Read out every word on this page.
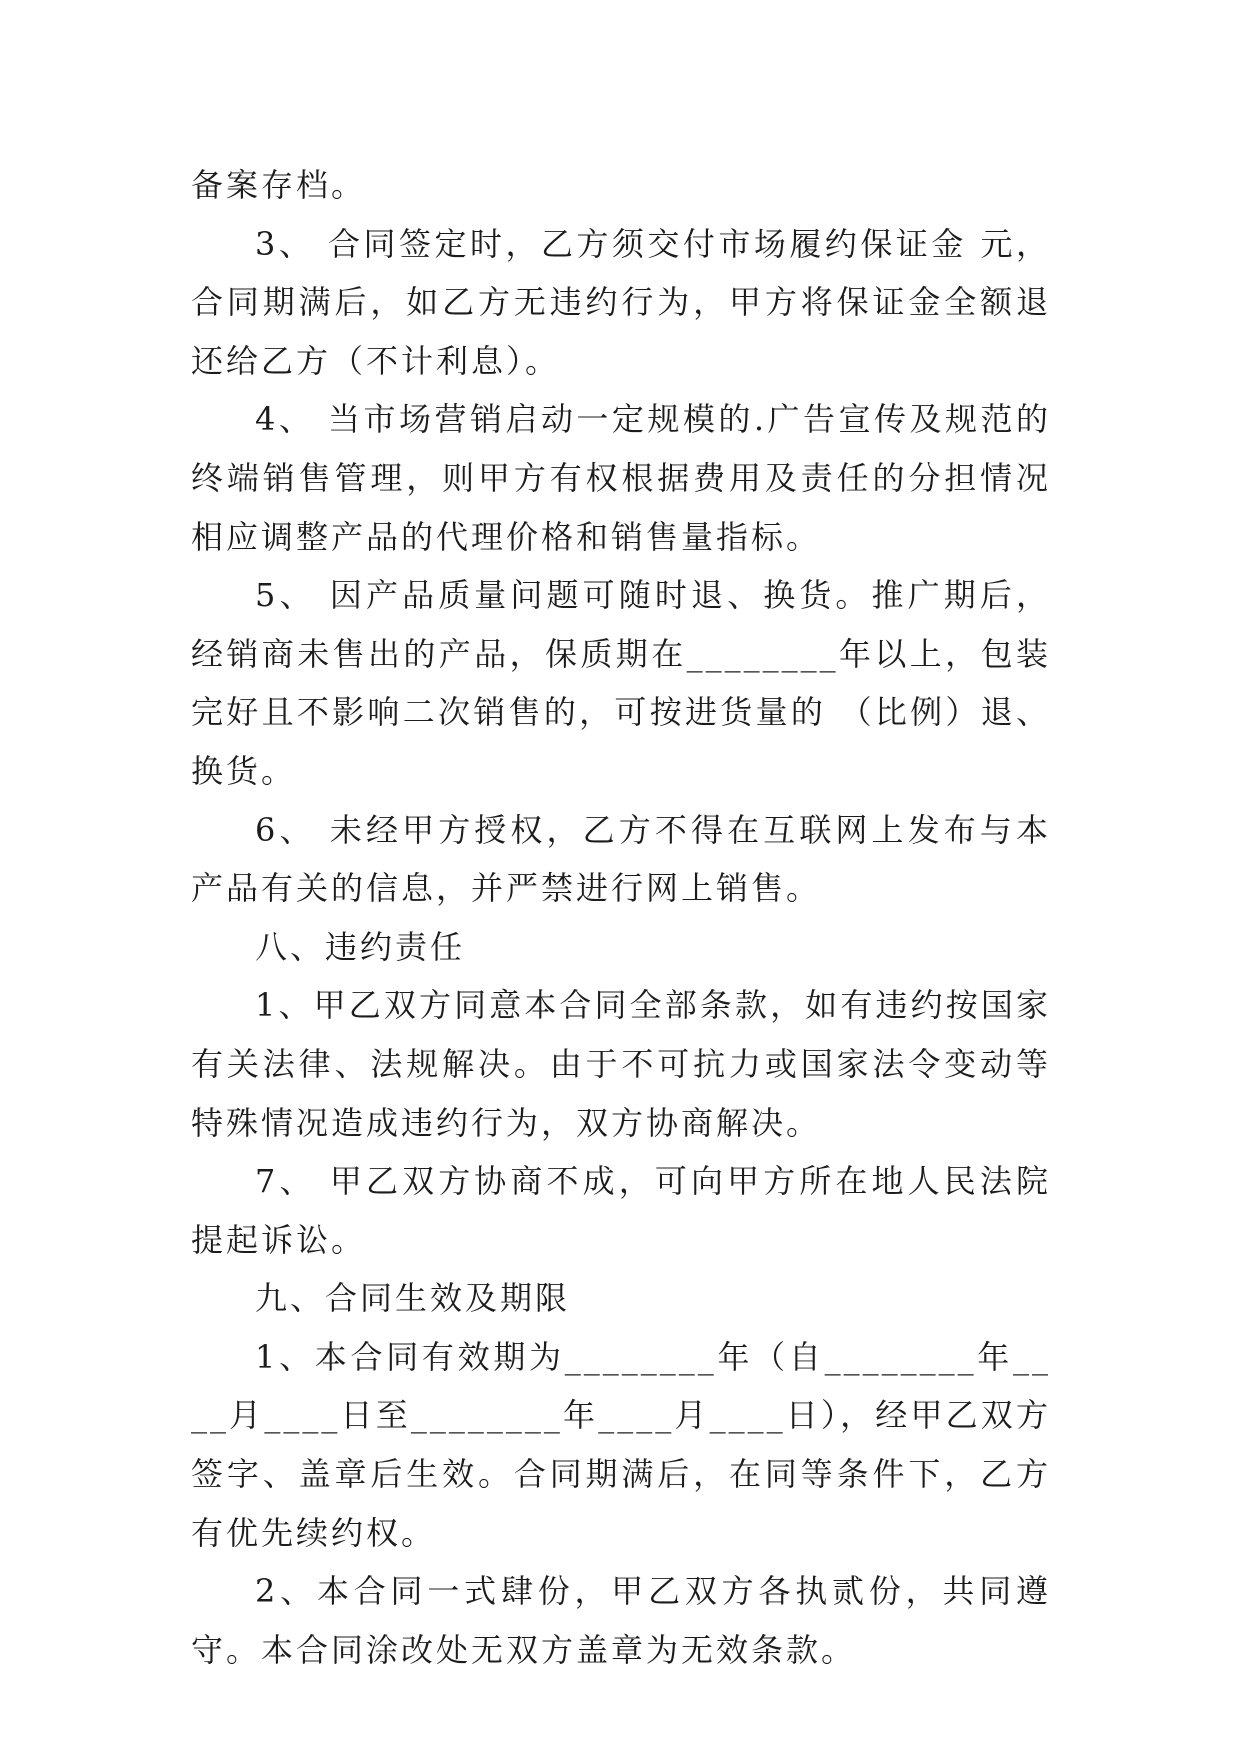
备案存档。

3、 合同签定时，乙方须交付市场履约保证金 元，合同期满后，如乙方无违约行为，甲方将保证金全额退还给乙方（不计利息）。

4、 当市场营销启动一定规模的.广告宣传及规范的终端销售管理，则甲方有权根据费用及责任的分担情况相应调整产品的代理价格和销售量指标。

5、 因产品质量问题可随时退、换货。推广期后，经销商未售出的产品，保质期在________年以上，包装完好且不影响二次销售的，可按进货量的 （比例）退、换货。

6、 未经甲方授权，乙方不得在互联网上发布与本产品有关的信息，并严禁进行网上销售。

八、违约责任

1、甲乙双方同意本合同全部条款，如有违约按国家有关法律、法规解决。由于不可抗力或国家法令变动等特殊情况造成违约行为，双方协商解决。

7、 甲乙双方协商不成，可向甲方所在地人民法院提起诉讼。

九、合同生效及期限

1、本合同有效期为________年（自________年____月____日至________年____月____日），经甲乙双方签字、盖章后生效。合同期满后，在同等条件下，乙方有优先续约权。

2、本合同一式肆份，甲乙双方各执贰份，共同遵守。本合同涂改处无双方盖章为无效条款。
